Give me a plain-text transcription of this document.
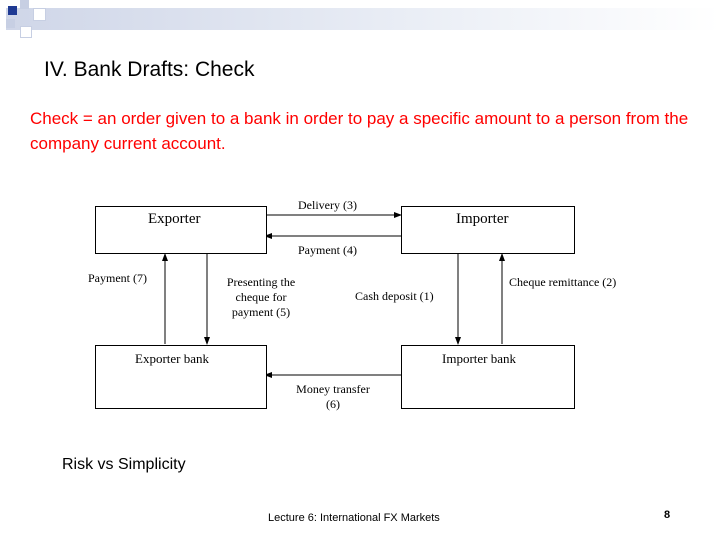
IV. Bank Drafts: Check
Check = an order given to a bank in order to pay a specific amount to a person from the company current account.
Exporter	Importer
Exporter bank	Importer bank
Delivery (3)
Payment (4)
Payment (7)	Presenting the
cheque for
payment (5)
Cash deposit (1)
Cheque remittance (2)
Money transfer
(6)
Risk vs Simplicity
Lecture 6: International FX Markets	8
